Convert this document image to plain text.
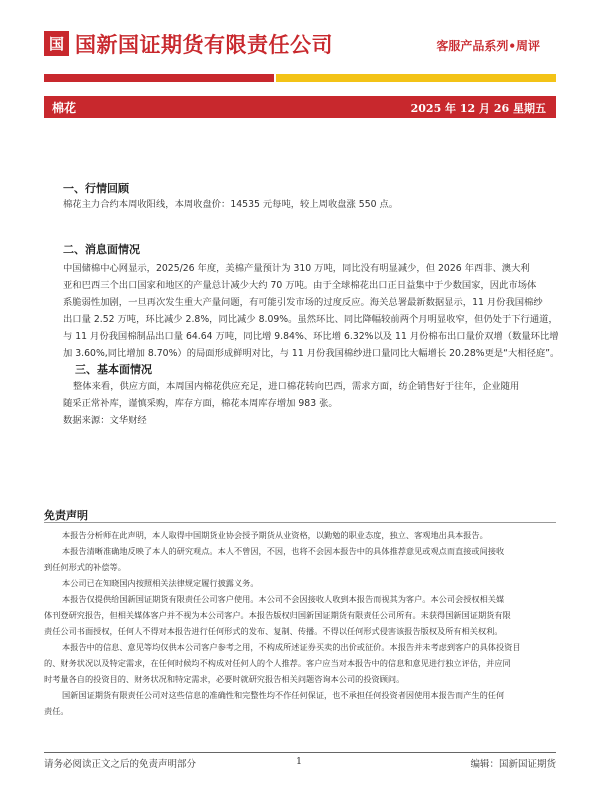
国 国新国证期货有限责任公司	客服产品系列•周评
棉花	2025 年 12 月 26 星期五
一、行情回顾
棉花主力合约本周收阳线，本周收盘价：14535 元每吨，较上周收盘涨 550 点。
二、消息面情况
中国储棉中心网显示，2025/26 年度，美棉产量预计为 310 万吨，同比没有明显减少，但 2026 年西非、澳大利
亚和巴西三个出口国家和地区的产量总计减少大约 70 万吨。由于全球棉花出口正日益集中于少数国家，因此市场体
系脆弱性加剧，一旦再次发生重大产量问题，有可能引发市场的过度反应。海关总署最新数据显示，11 月份我国棉纱
出口量 2.52 万吨，环比减少 2.8%，同比减少 8.09%。虽然环比、同比降幅较前两个月明显收窄，但仍处于下行通道，
与 11 月份我国棉制品出口量 64.64 万吨，同比增 9.84%、环比增 6.32%以及 11 月份棉布出口量价双增（数量环比增
加 3.60%,同比增加 8.70%）的局面形成鲜明对比，与 11 月份我国棉纱进口量同比大幅增长 20.28%更是“大相径庭”。
三、基本面情况
整体来看，供应方面，本周国内棉花供应充足，进口棉花转向巴西，需求方面，纺企销售好于往年，企业随用
随采正常补库，谨慎采购，库存方面，棉花本周库存增加 983 张。
数据来源：文华财经
免责声明
本报告分析师在此声明，本人取得中国期货业协会授予期货从业资格，以勤勉的职业态度，独立、客观地出具本报告。
本报告清晰准确地反映了本人的研究观点。本人不曾因，不因，也将不会因本报告中的具体推荐意见或观点而直接或间接收
到任何形式的补偿等。
本公司已在知晓国内按照相关法律规定履行披露义务。
本报告仅提供给国新国证期货有限责任公司客户使用。本公司不会因接收人收到本报告而视其为客户。本公司会授权相关媒
体刊登研究报告，但相关媒体客户并不视为本公司客户。本报告版权归国新国证期货有限责任公司所有。未获得国新国证期货有限
责任公司书面授权，任何人不得对本报告进行任何形式的发布、复制、传播。不得以任何形式侵害该报告版权及所有相关权利。
本报告中的信息、意见等均仅供本公司客户参考之用，不构成所述证券买卖的出价或征价。本报告并未考虑到客户的具体投资目
的、财务状况以及特定需求，在任何时候均不构成对任何人的个人推荐。客户应当对本报告中的信息和意见进行独立评估，并应同
时考量各自的投资目的、财务状况和特定需求，必要时就研究报告相关问题咨询本公司的投资顾问。
国新国证期货有限责任公司对这些信息的准确性和完整性均不作任何保证，也不承担任何投资者因使用本报告而产生的任何
责任。
请务必阅读正文之后的免责声明部分	1	编辑：国新国证期货
